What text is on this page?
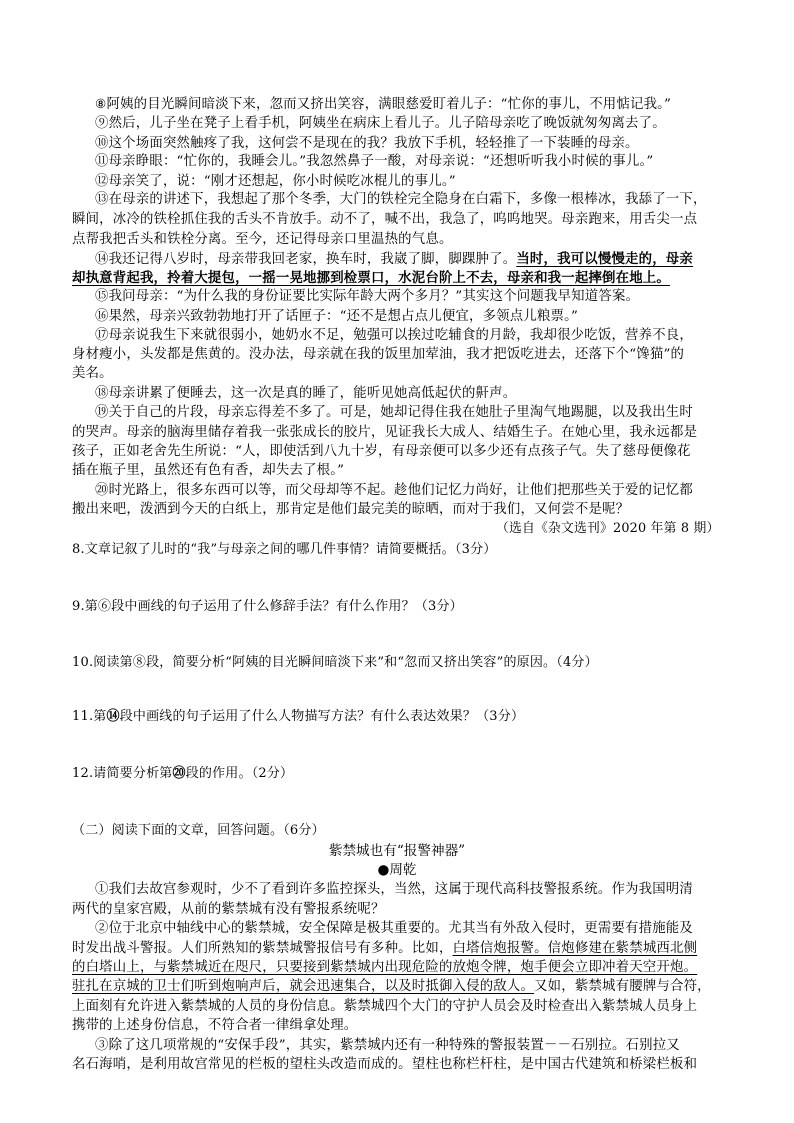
⑧阿姨的目光瞬间暗淡下来，忽而又挤出笑容，满眼慈爱盯着儿子：“忙你的事儿，不用惦记我。”
⑨然后，儿子坐在凳子上看手机，阿姨坐在病床上看儿子。儿子陪母亲吃了晚饭就匆匆离去了。
⑩这个场面突然触疼了我，这何尝不是现在的我？我放下手机，轻轻推了一下装睡的母亲。
⑪母亲睁眼：“忙你的，我睡会儿。”我忽然鼻子一酸，对母亲说：“还想听听我小时候的事儿。”
⑫母亲笑了，说：“刚才还想起，你小时候吃冰棍儿的事儿。”
⑬在母亲的讲述下，我想起了那个冬季，大门的铁栓完全隐身在白霜下，多像一根棒冰，我舔了一下，
瞬间，冰冷的铁栓抓住我的舌头不肯放手。动不了，喊不出，我急了，呜呜地哭。母亲跑来，用舌尖一点
点帮我把舌头和铁栓分离。至今，还记得母亲口里温热的气息。
⑭我还记得八岁时，母亲带我回老家，换车时，我崴了脚，脚踝肿了。当时，我可以慢慢走的，母亲
却执意背起我，拎着大提包，一摇一晃地挪到检票口，水泥台阶上不去，母亲和我一起摔倒在地上。
⑮我问母亲：“为什么我的身份证要比实际年龄大两个多月？”其实这个问题我早知道答案。
⑯果然，母亲兴致勃勃地打开了话匣子：“还不是想占点儿便宜，多领点儿粮票。”
⑰母亲说我生下来就很弱小，她奶水不足，勉强可以挨过吃辅食的月龄，我却很少吃饭，营养不良，
身材瘦小，头发都是焦黄的。没办法，母亲就在我的饭里加荤油，我才把饭吃进去，还落下个“馋猫”的
美名。
⑱母亲讲累了便睡去，这一次是真的睡了，能听见她高低起伏的鼾声。
⑲关于自己的片段，母亲忘得差不多了。可是，她却记得住我在她肚子里淘气地踢腿，以及我出生时
的哭声。母亲的脑海里储存着我一张张成长的胶片，见证我长大成人、结婚生子。在她心里，我永远都是
孩子，正如老舍先生所说：“人，即使活到八九十岁，有母亲便可以多少还有点孩子气。失了慈母便像花
插在瓶子里，虽然还有色有香，却失去了根。”
⑳时光路上，很多东西可以等，而父母却等不起。趁他们记忆力尚好，让他们把那些关于爱的记忆都
搬出来吧，泼洒到今天的白纸上，那肯定是他们最完美的晾晒，而对于我们，又何尝不是呢？
（选自《杂文选刊》2020 年第 8 期）
8.文章记叙了儿时的“我”与母亲之间的哪几件事情？请简要概括。（3分）
9.第⑥段中画线的句子运用了什么修辞手法？有什么作用？（3分）
10.阅读第⑧段，简要分析“阿姨的目光瞬间暗淡下来”和“忽而又挤出笑容”的原因。（4分）
11.第⑭段中画线的句子运用了什么人物描写方法？有什么表达效果？（3分）
12.请简要分析第⑳段的作用。（2分）
（二）阅读下面的文章，回答问题。（6分）
紫禁城也有“报警神器”
●周乾
①我们去故宫参观时，少不了看到许多监控探头，当然，这属于现代高科技警报系统。作为我国明清
两代的皇家宫殿，从前的紫禁城有没有警报系统呢？
②位于北京中轴线中心的紫禁城，安全保障是极其重要的。尤其当有外敌入侵时，更需要有措施能及
时发出战斗警报。人们所熟知的紫禁城警报信号有多种。比如，白塔信炮报警。信炮修建在紫禁城西北侧
的白塔山上，与紫禁城近在咫尺，只要接到紫禁城内出现危险的放炮令牌，炮手便会立即冲着天空开炮。
驻扎在京城的卫士们听到炮响声后，就会迅速集合，以及时抵御入侵的敌人。又如，紫禁城有腰牌与合符，
上面刻有允许进入紫禁城的人员的身份信息。紫禁城四个大门的守护人员会及时检查出入紫禁城人员身上
携带的上述身份信息，不符合者一律缉拿处理。
③除了这几项常规的“安保手段”，其实，紫禁城内还有一种特殊的警报装置－－石别拉。石别拉又
名石海哨，是利用故宫常见的栏板的望柱头改造而成的。望柱也称栏杆柱，是中国古代建筑和桥梁栏板和
